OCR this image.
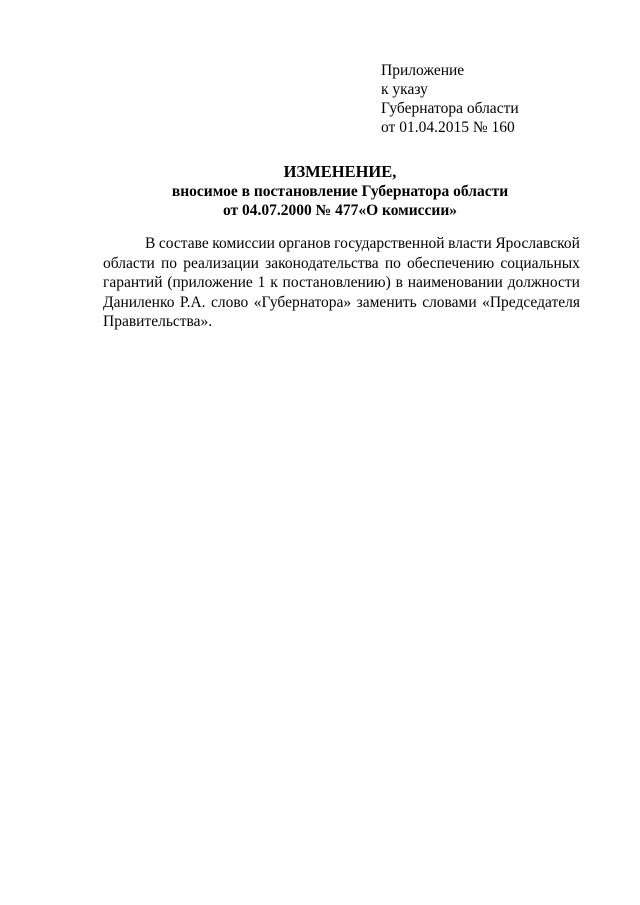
Приложение
к указу
Губернатора области
от 01.04.2015 № 160
ИЗМЕНЕНИЕ,
вносимое в постановление Губернатора области
от 04.07.2000 № 477«О комиссии»
В составе комиссии органов государственной власти Ярославской
области по реализации законодательства по обеспечению социальных
гарантий (приложение 1 к постановлению) в наименовании должности
Даниленко Р.А. слово «Губернатора» заменить словами «Председателя
Правительства».
